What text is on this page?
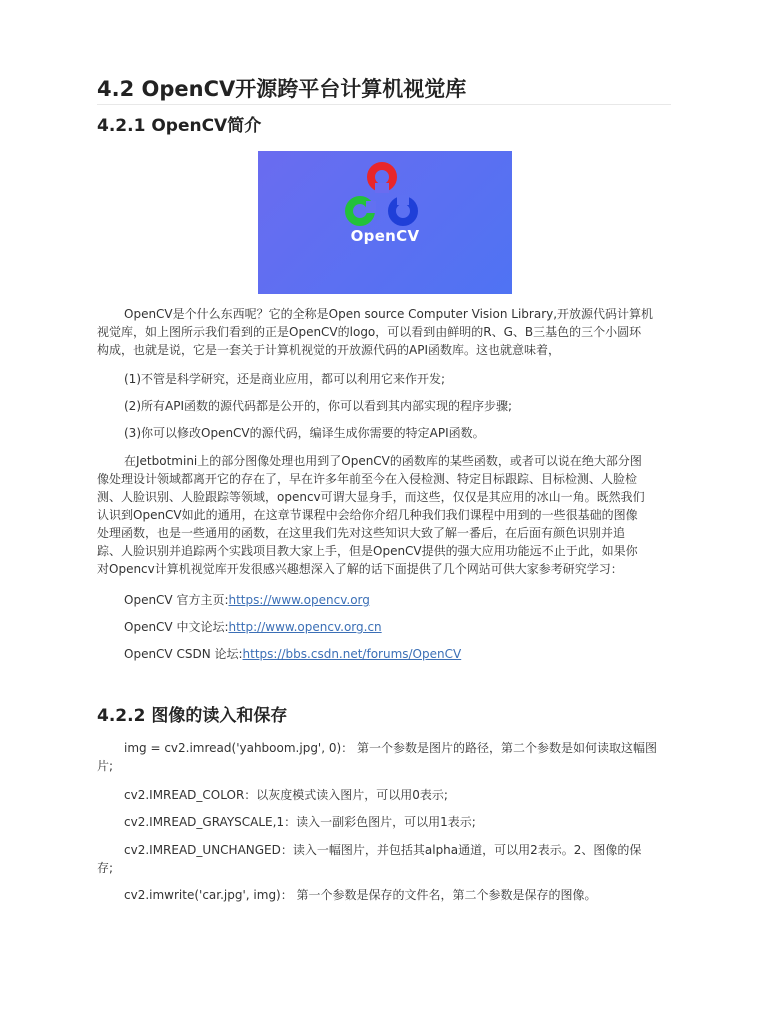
4.2 OpenCV开源跨平台计算机视觉库
4.2.1 OpenCV简介
OpenCV
OpenCV是个什么东西呢？它的全称是Open source Computer Vision Library,开放源代码计算机
视觉库，如上图所示我们看到的正是OpenCV的logo，可以看到由鲜明的R、G、B三基色的三个小圆环
构成，也就是说，它是一套关于计算机视觉的开放源代码的API函数库。这也就意味着，
(1)不管是科学研究，还是商业应用，都可以利用它来作开发;
(2)所有API函数的源代码都是公开的，你可以看到其内部实现的程序步骤;
(3)你可以修改OpenCV的源代码，编译生成你需要的特定API函数。
在Jetbotmini上的部分图像处理也用到了OpenCV的函数库的某些函数，或者可以说在绝大部分图
像处理设计领域都离开它的存在了，早在许多年前至今在入侵检测、特定目标跟踪、目标检测、人脸检
测、人脸识别、人脸跟踪等领域，opencv可谓大显身手，而这些，仅仅是其应用的冰山一角。既然我们
认识到OpenCV如此的通用，在这章节课程中会给你介绍几种我们我们课程中用到的一些很基础的图像
处理函数，也是一些通用的函数，在这里我们先对这些知识大致了解一番后，在后面有颜色识别并追
踪、人脸识别并追踪两个实践项目教大家上手，但是OpenCV提供的强大应用功能远不止于此，如果你
对Opencv计算机视觉库开发很感兴趣想深入了解的话下面提供了几个网站可供大家参考研究学习：
OpenCV 官方主页:https://www.opencv.org
OpenCV 中文论坛:http://www.opencv.org.cn
OpenCV CSDN 论坛:https://bbs.csdn.net/forums/OpenCV
4.2.2 图像的读入和保存
img = cv2.imread('yahboom.jpg', 0)： 第一个参数是图片的路径，第二个参数是如何读取这幅图
片;
cv2.IMREAD_COLOR：以灰度模式读入图片，可以用0表示;
cv2.IMREAD_GRAYSCALE,1：读入一副彩色图片，可以用1表示;
cv2.IMREAD_UNCHANGED：读入一幅图片，并包括其alpha通道，可以用2表示。2、图像的保
存;
cv2.imwrite('car.jpg', img)： 第一个参数是保存的文件名，第二个参数是保存的图像。
